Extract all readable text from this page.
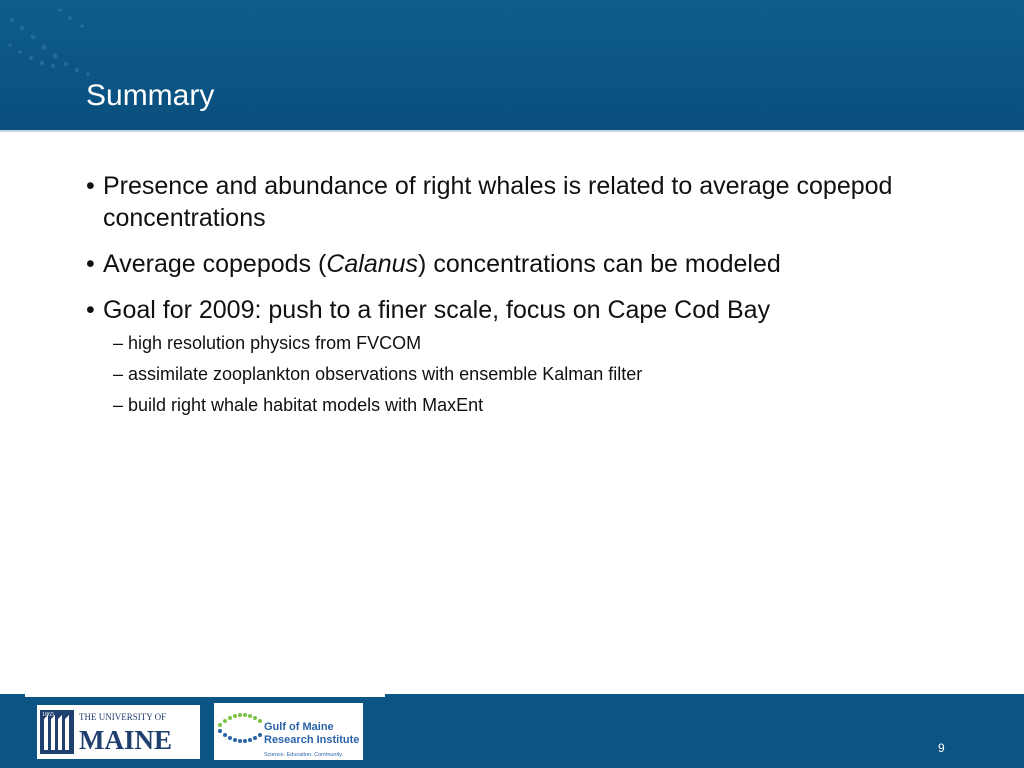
Summary
• Presence and abundance of right whales is related to average copepod concentrations
• Average copepods (Calanus) concentrations can be modeled
• Goal for 2009: push to a finer scale, focus on Cape Cod Bay
– high resolution physics from FVCOM
– assimilate zooplankton observations with ensemble Kalman filter
– build right whale habitat models with MaxEnt
1865	THE UNIVERSITY OF
MAINE	Gulf of Maine
Research Institute
Science. Education. Community.	9
